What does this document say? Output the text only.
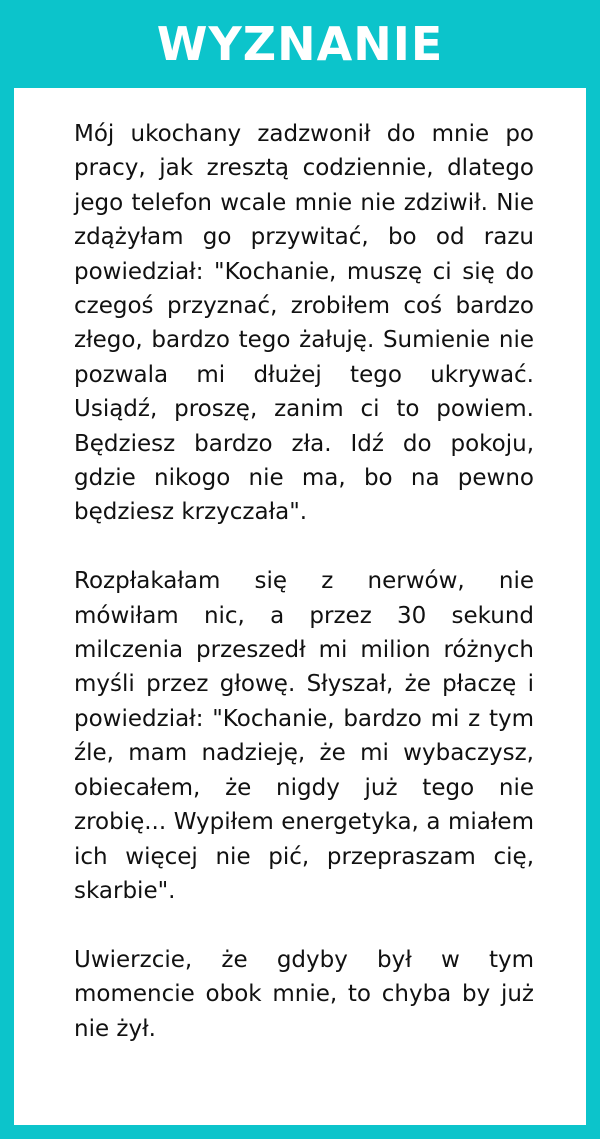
WYZNANIE

Mój ukochany zadzwonił do mnie po pracy, jak zresztą codziennie, dlatego jego telefon wcale mnie nie zdziwił. Nie zdążyłam go przywitać, bo od razu powiedział: "Kochanie, muszę ci się do czegoś przyznać, zrobiłem coś bardzo złego, bardzo tego żałuję. Sumienie nie pozwala mi dłużej tego ukrywać. Usiądź, proszę, zanim ci to powiem. Będziesz bardzo zła. Idź do pokoju, gdzie nikogo nie ma, bo na pewno będziesz krzyczała".

Rozpłakałam się z nerwów, nie mówiłam nic, a przez 30 sekund milczenia przeszedł mi milion różnych myśli przez głowę. Słyszał, że płaczę i powiedział: "Kochanie, bardzo mi z tym źle, mam nadzieję, że mi wybaczysz, obiecałem, że nigdy już tego nie zrobię... Wypiłem energetyka, a miałem ich więcej nie pić, przepraszam cię, skarbie".

Uwierzcie, że gdyby był w tym momencie obok mnie, to chyba by już nie żył.
